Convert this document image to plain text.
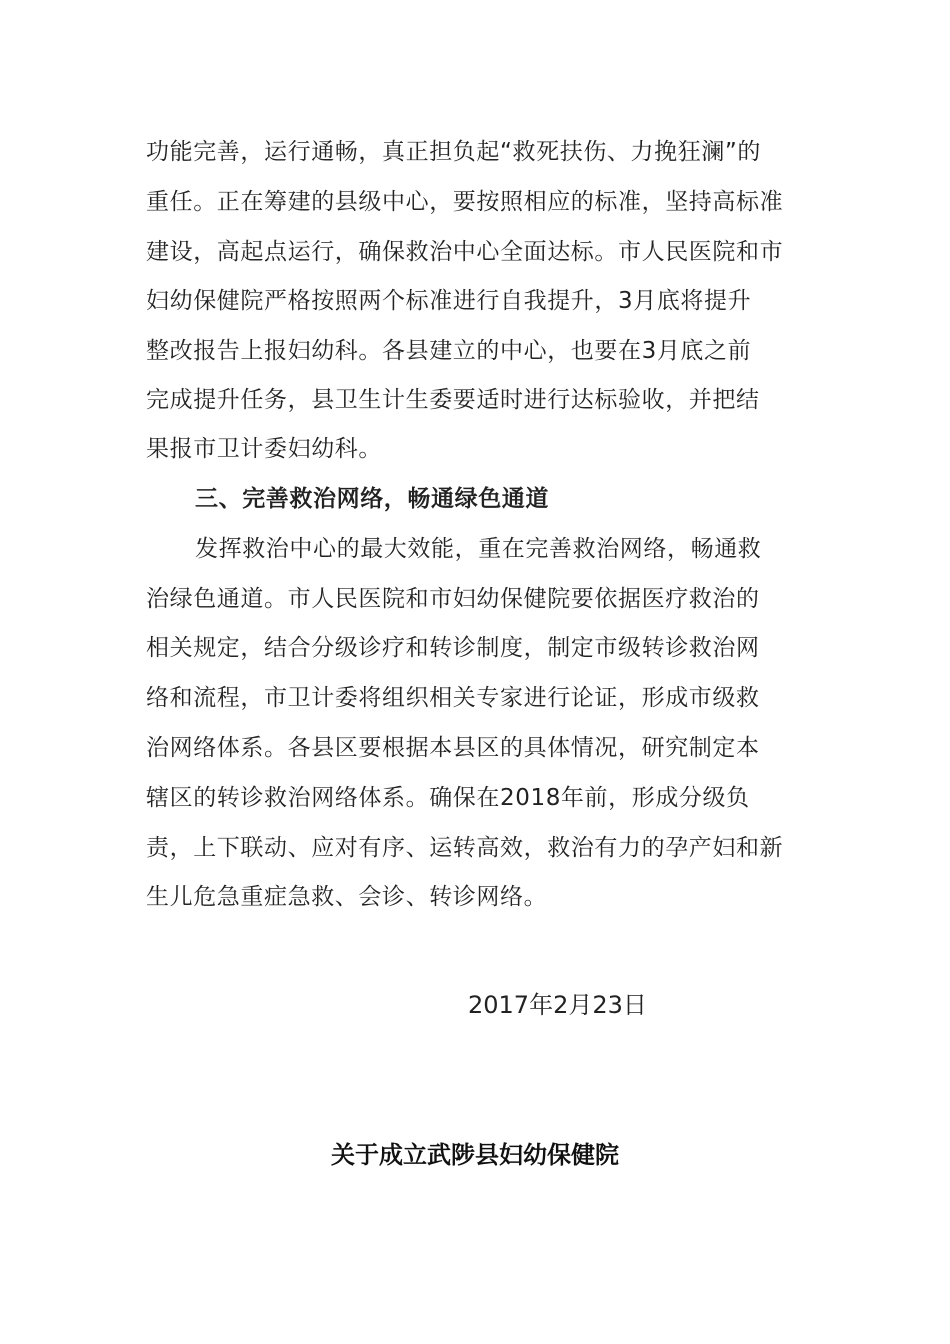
功能完善，运行通畅，真正担负起“救死扶伤、力挽狂澜”的
重任。正在筹建的县级中心，要按照相应的标准，坚持高标准
建设，高起点运行，确保救治中心全面达标。市人民医院和市
妇幼保健院严格按照两个标准进行自我提升，3月底将提升
整改报告上报妇幼科。各县建立的中心，也要在3月底之前
完成提升任务，县卫生计生委要适时进行达标验收，并把结
果报市卫计委妇幼科。
三、完善救治网络，畅通绿色通道
发挥救治中心的最大效能，重在完善救治网络，畅通救
治绿色通道。市人民医院和市妇幼保健院要依据医疗救治的
相关规定，结合分级诊疗和转诊制度，制定市级转诊救治网
络和流程，市卫计委将组织相关专家进行论证，形成市级救
治网络体系。各县区要根据本县区的具体情况，研究制定本
辖区的转诊救治网络体系。确保在2018年前，形成分级负
责，上下联动、应对有序、运转高效，救治有力的孕产妇和新
生儿危急重症急救、会诊、转诊网络。
2017年2月23日
关于成立武陟县妇幼保健院
